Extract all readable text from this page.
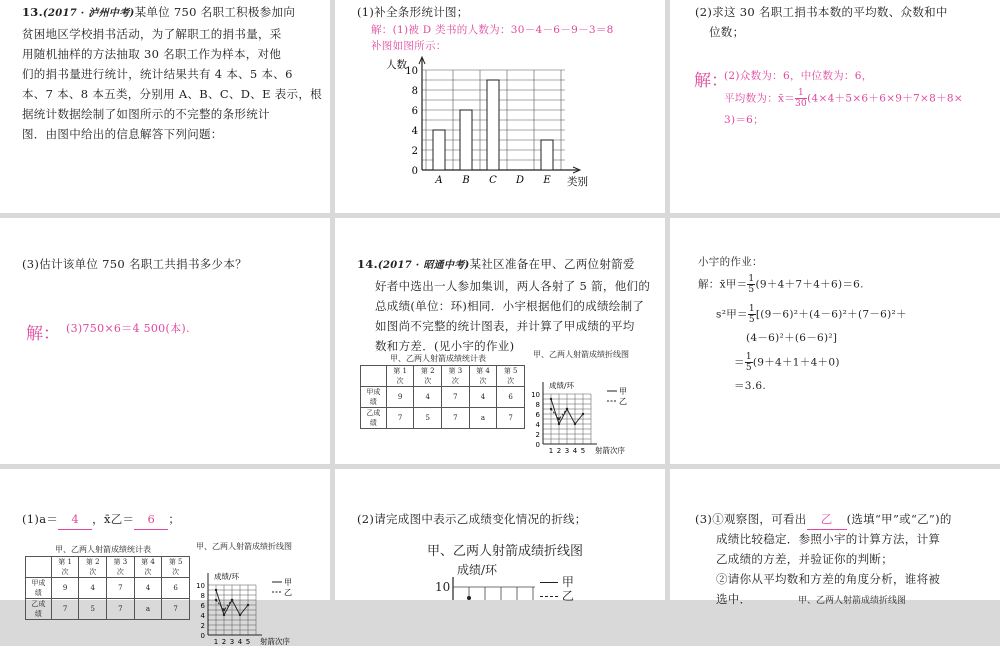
13.(2017 · 泸州中考)某单位 750 名职工积极参加向
贫困地区学校捐书活动，为了解职工的捐书量，采
用随机抽样的方法抽取 30 名职工作为样本，对他
们的捐书量进行统计，统计结果共有 4 本、5 本、6
本、7 本、8 本五类，分别用 A、B、C、D、E 表示，根
据统计数据绘制了如图所示的不完整的条形统计
图．由图中给出的信息解答下列问题：
(1)补全条形统计图；
解：(1)被 D 类书的人数为：30－4－6－9－3＝8
补图如图所示：
0
2
4
6
8
10
A B C D E
人数
类别
(2)求这 30 名职工捐书本数的平均数、众数和中
位数；
解：
(2)众数为：6，中位数为：6，
平均数为：x̄＝ $\frac{1}{30} (4\times 4+5\times 6+6\times 9+7\times 8+8\times$
3)＝6；
(3)估计该单位 750 名职工共捐书多少本？
解： (3)750×6＝4 500(本).
14.(2017 · 昭通中考)某社区准备在甲、乙两位射箭爱
好者中选出一人参加集训，两人各射了 5 箭，他们的
总成绩(单位：环)相同．小宇根据他们的成绩绘制了
如图尚不完整的统计图表，并计算了甲成绩的平均
数和方差．(见小宇的作业)
甲、乙两人射箭成绩统计表
	第 1 次	第 2 次	第 3 次	第 4 次	第 5 次
甲成绩	9	4	7	4	6
乙成绩	7	5	7	a	7
甲、乙两人射箭成绩折线图
0
2
4
6
8
10
1 2 3 4 5 射箭次序
成绩/环
甲
乙
小宇的作业：
解：x̄甲＝ $\frac{1}{5} (9+4+7+4+6)=6$.
s²甲＝ $\frac{1}{5} [(9-6)^2+(4-6)^2+(7-6)^2+$
(4－6)²＋(6－6)²]
＝ $\frac{1}{5} (9+4+1+4+0)$
＝3.6.
(1)a＝ 4 ，x̄乙＝ 6 ；
甲、乙两人射箭成绩统计表
	第 1 次	第 2 次	第 3 次	第 4 次	第 5 次
甲成绩	9	4	7	4	6
乙成绩	7	5	7	a	7
甲、乙两人射箭成绩折线图
0
2
4
6
8
10
1 2 3 4 5 射箭次序
成绩/环
甲
乙
(2)请完成图中表示乙成绩变化情况的折线；
甲、乙两人射箭成绩折线图
成绩/环
10	甲
乙
(3)①观察图，可看出 乙 (选填“甲”或“乙”)的
成绩比较稳定．参照小宇的计算方法，计算
乙成绩的方差，并验证你的判断；
②请你从平均数和方差的角度分析，谁将被
选中．	甲、乙两人射箭成绩折线图
